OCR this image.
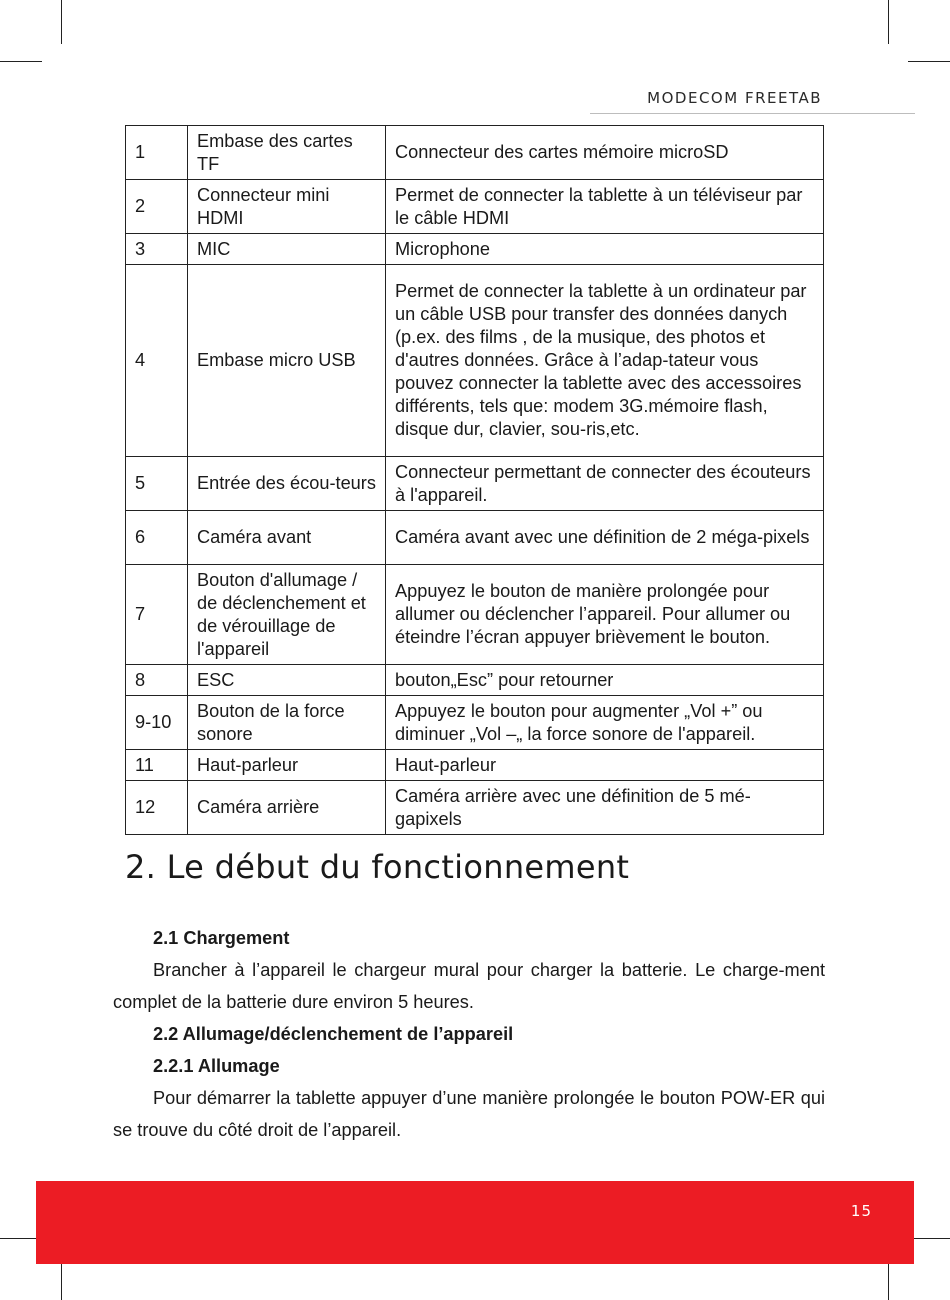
MODECOM FREETAB
1	Embase des cartes TF	Connecteur des cartes mémoire microSD
2	Connecteur mini HDMI	Permet de connecter la tablette à un téléviseur par le câble HDMI
3	MIC	Microphone
4	Embase micro USB	Permet de connecter la tablette à un ordinateur par un câble USB pour transfer des données danych (p.ex. des films , de la musique, des photos et d'autres données. Grâce à l’adap-tateur vous pouvez connecter la tablette avec des accessoires différents, tels que: modem 3G.mémoire flash, disque dur, clavier, sou-ris,etc.
5	Entrée des écou-teurs	Connecteur permettant de connecter des écouteurs à l'appareil.
6	Caméra avant	Caméra avant avec une définition de 2 méga-pixels
7	Bouton d'allumage / de déclenchement et de vérouillage de l'appareil	Appuyez le bouton de manière prolongée pour allumer ou déclencher l’appareil. Pour allumer ou éteindre l’écran appuyer brièvement le bouton.
8	ESC	bouton„Esc” pour retourner
9-10	Bouton de la force sonore	Appuyez le bouton pour augmenter „Vol +” ou diminuer „Vol –„ la force sonore de l'appareil.
11	Haut-parleur	Haut-parleur
12	Caméra arrière	Caméra arrière avec une définition de 5 mé-gapixels
2. Le début du fonctionnement

2.1 Chargement

Brancher à l’appareil le chargeur mural pour charger la batterie. Le charge-ment complet de la batterie dure environ 5 heures.

2.2 Allumage/déclenchement de l’appareil

2.2.1 Allumage

Pour démarrer la tablette appuyer d’une manière prolongée le bouton POW-ER qui se trouve du côté droit de l’appareil.

15
